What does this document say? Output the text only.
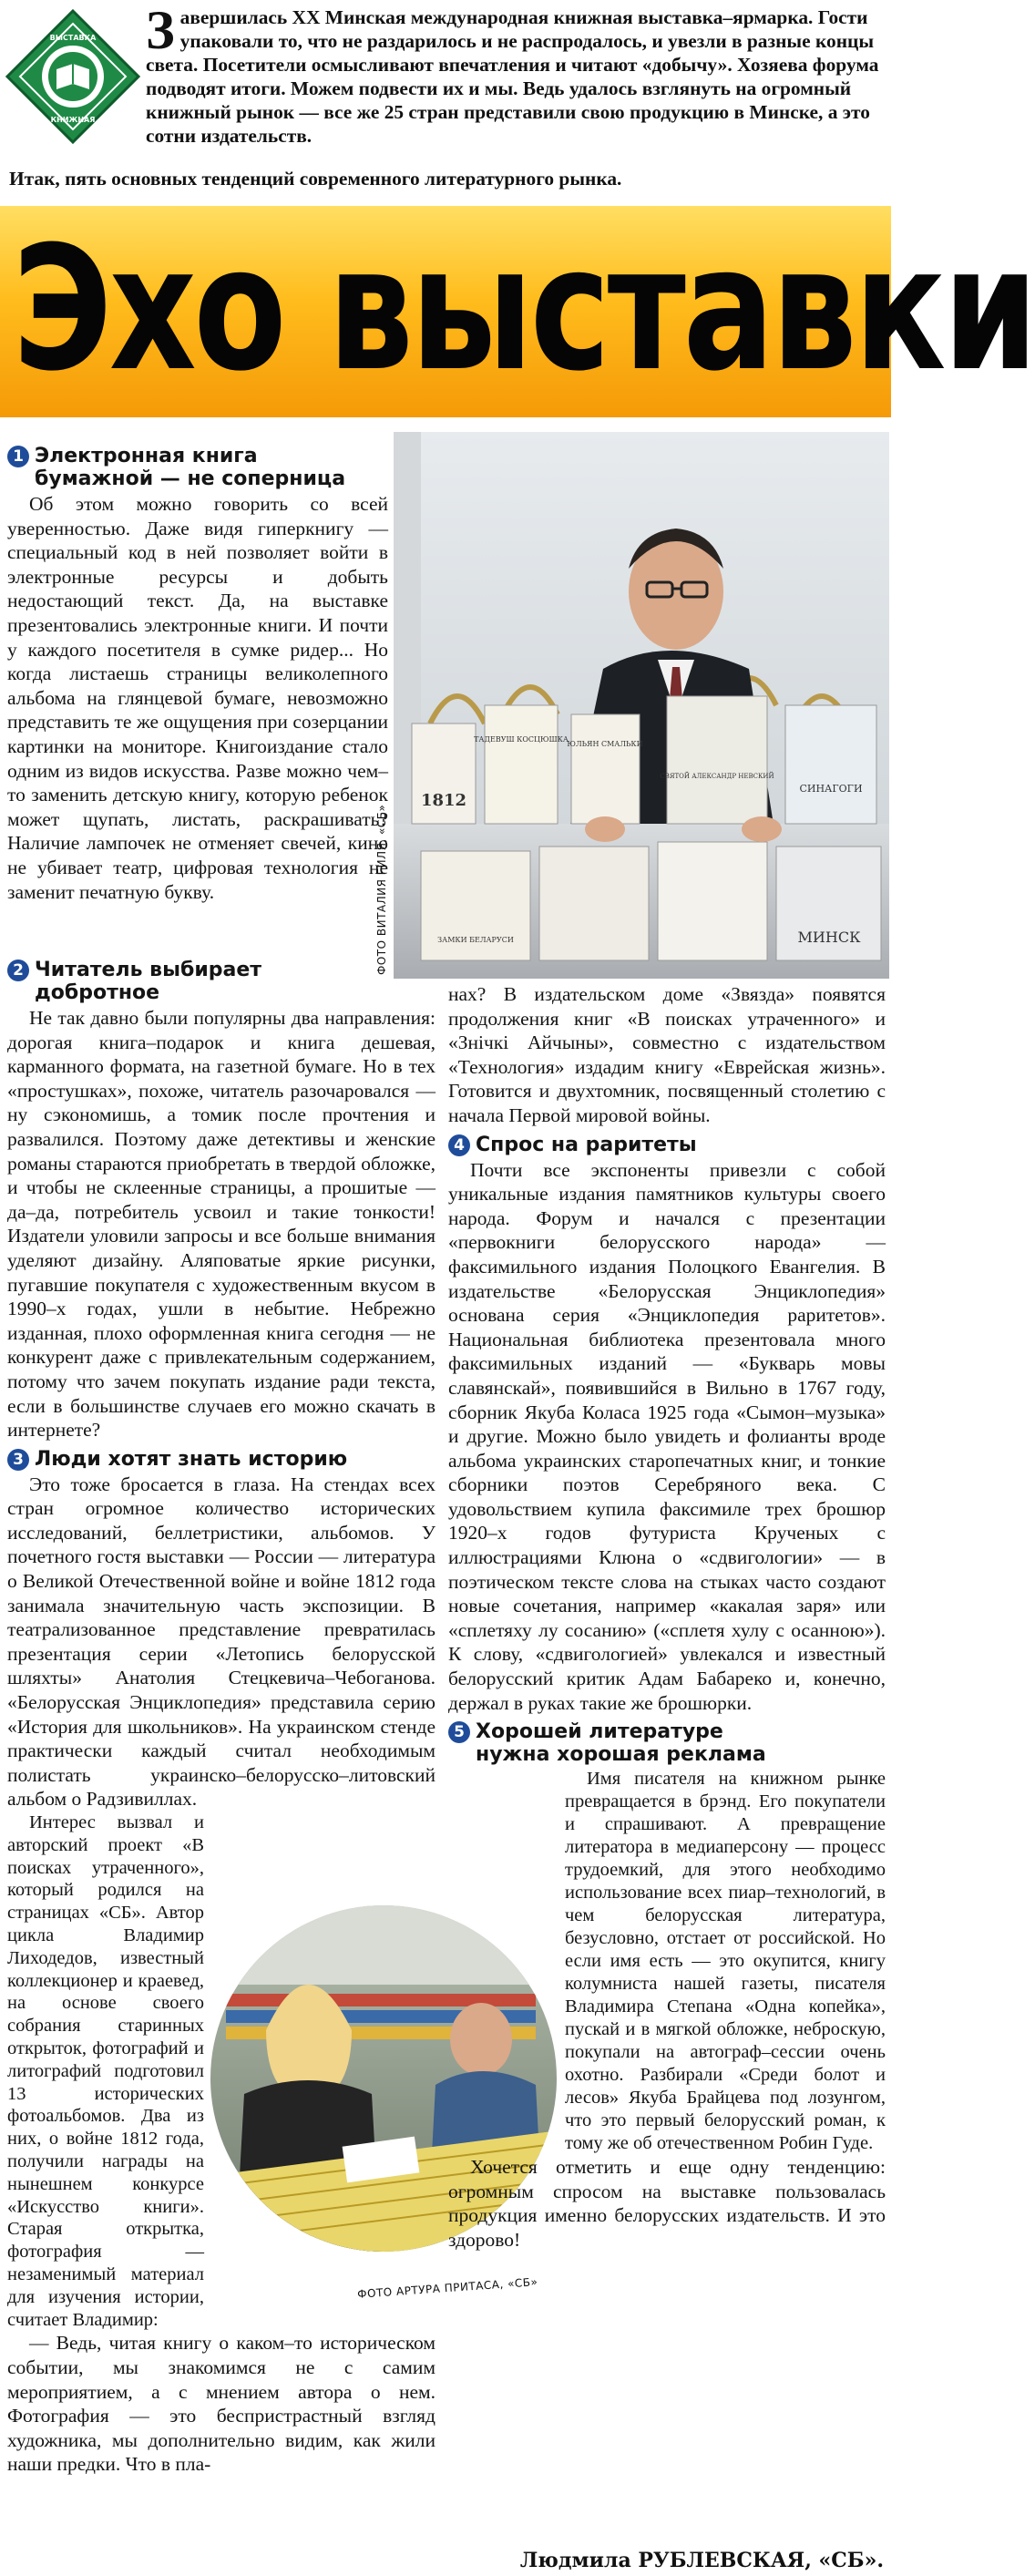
ВЫСТАВКА
КНИЖНАЯ
Завершилась XX Минская международная книжная выставка–ярмарка. Гости упаковали то, что не раздарилось и не распродалось, и увезли в разные концы света. Посетители осмысливают впечатления и читают «добычу». Хозяева форума подводят итоги. Можем подвести их и мы. Ведь удалось взглянуть на огромный книжный рынок — все же 25 стран представили свою продукцию в Минске, а это сотни издательств.

Итак, пять основных тенденций современного литературного рынка.

Эхо выставки
1812
ТАДЕВУШ КОСЦЮШКА
ЮЛЬЯН СМАЛЬКИ
СВЯТОЙ АЛЕКСАНДР НЕВСКИЙ
СИНАГОГИ
ЗАМКИ БЕЛАРУСИ	МИНСК
ФОТО ВИТАЛИЯ ГИЛЯ, «СБ»
1 Электронная книга
бумажной — не соперница

Об этом можно говорить со всей уверенностью. Даже видя гиперкнигу — специальный код в ней позволяет войти в электронные ресурсы и добыть недостающий текст. Да, на выставке презентовались электронные книги. И почти у каждого посетителя в сумке ридер... Но когда листаешь страницы великолепного альбома на глянцевой бумаге, невозможно представить те же ощущения при созерцании картинки на мониторе. Книгоиздание стало одним из видов искусства. Разве можно чем–то заменить детскую книгу, которую ребенок может щупать, листать, раскрашивать? Наличие лампочек не отменяет свечей, кино не убивает театр, цифровая технология не заменит печатную букву.

2 Читатель выбирает
добротное

Не так давно были популярны два направления: дорогая книга–подарок и книга дешевая, карманного формата, на газетной бумаге. Но в тех «простушках», похоже, читатель разочаровался — ну сэкономишь, а томик после прочтения и развалился. Поэтому даже детективы и женские романы стараются приобретать в твердой обложке, и чтобы не склеенные страницы, а прошитые — да–да, потребитель усвоил и такие тонкости! Издатели уловили запросы и все больше внимания уделяют дизайну. Аляповатые яркие рисунки, пугавшие покупателя с художественным вкусом в 1990–х годах, ушли в небытие. Небрежно изданная, плохо оформленная книга сегодня — не конкурент даже с привлекательным содержанием, потому что зачем покупать издание ради текста, если в большинстве случаев его можно скачать в интернете?

3 Люди хотят знать историю

Это тоже бросается в глаза. На стендах всех стран огромное количество исторических исследований, беллетристики, альбомов. У почетного гостя выставки — России — литература о Великой Отечественной войне и войне 1812 года занимала значительную часть экспозиции. В театрализованное представление превратилась презентация серии «Летопись белорусской шляхты» Анатолия Стецкевича–Чебоганова. «Белорусская Энциклопедия» представила серию «История для школьников». На украинском стенде практически каждый считал необходимым полистать украинско–белорусско–литовский альбом о Радзивиллах.

Интерес вызвал и авторский проект «В поисках утраченного», который родился на страницах «СБ». Автор цикла Владимир Лиходедов, известный коллекционер и краевед, на основе своего собрания старинных открыток, фотографий и литографий подготовил 13 исторических фотоальбомов. Два из них, о войне 1812 года, получили награды на нынешнем конкурсе «Искусство книги». Старая открытка, фотография — незаменимый материал для изучения истории, считает Владимир:

— Ведь, читая книгу о каком–то историческом событии, мы знакомимся не с самим мероприятием, а с мнением автора о нем. Фотография — это беспристрастный взгляд художника, мы дополнительно видим, как жили наши предки. Что в пла-

ФОТО АРТУРА ПРИТАСА, «СБ»

нах? В издательском доме «Звязда» появятся продолжения книг «В поисках утраченного» и «Знiчкi Айчыны», совместно с издательством «Технология» издадим книгу «Еврейская жизнь». Готовится и двухтомник, посвященный столетию с начала Первой мировой войны.

4 Спрос на раритеты

Почти все экспоненты привезли с собой уникальные издания памятников культуры своего народа. Форум и начался с презентации «первокниги белорусского народа» — факсимильного издания Полоцкого Евангелия. В издательстве «Белорусская Энциклопедия» основана серия «Энциклопедия раритетов». Национальная библиотека презентовала много факсимильных изданий — «Букварь мовы славянскай», появившийся в Вильно в 1767 году, сборник Якуба Коласа 1925 года «Сымон–музыка» и другие. Можно было увидеть и фолианты вроде альбома украинских старопечатных книг, и тонкие сборники поэтов Серебряного века. С удовольствием купила факсимиле трех брошюр 1920–х годов футуриста Крученых с иллюстрациями Клюна о «сдвигологии» — в поэтическом тексте слова на стыках часто создают новые сочетания, например «какалая заря» или «сплетяху лу сосанию» («сплетя хулу с осанною»). К слову, «сдвигологией» увлекался и известный белорусский критик Адам Бабарeко и, конечно, держал в руках такие же брошюрки.

5 Хорошей литературе
нужна хорошая реклама

Имя писателя на книжном рынке превращается в брэнд. Его покупатели и спрашивают. А превращение литератора в медиаперсону — процесс трудоемкий, для этого необходимо использование всех пиар–технологий, в чем белорусская литература, безусловно, отстает от российской. Но если имя есть — это окупится, книгу колумниста нашей газеты, писателя Владимира Степана «Одна копейка», пускай и в мягкой обложке, неброскую, покупали на автограф–сессии очень охотно. Разбирали «Среди болот и лесов» Якуба Брайцева под лозунгом, что это первый белорусский роман, к тому же об отечественном Робин Гуде.

Хочется отметить и еще одну тенденцию: огромным спросом на выставке пользовалась продукция именно белорусских издательств. И это здорово!

Людмила РУБЛЕВСКАЯ, «СБ».
